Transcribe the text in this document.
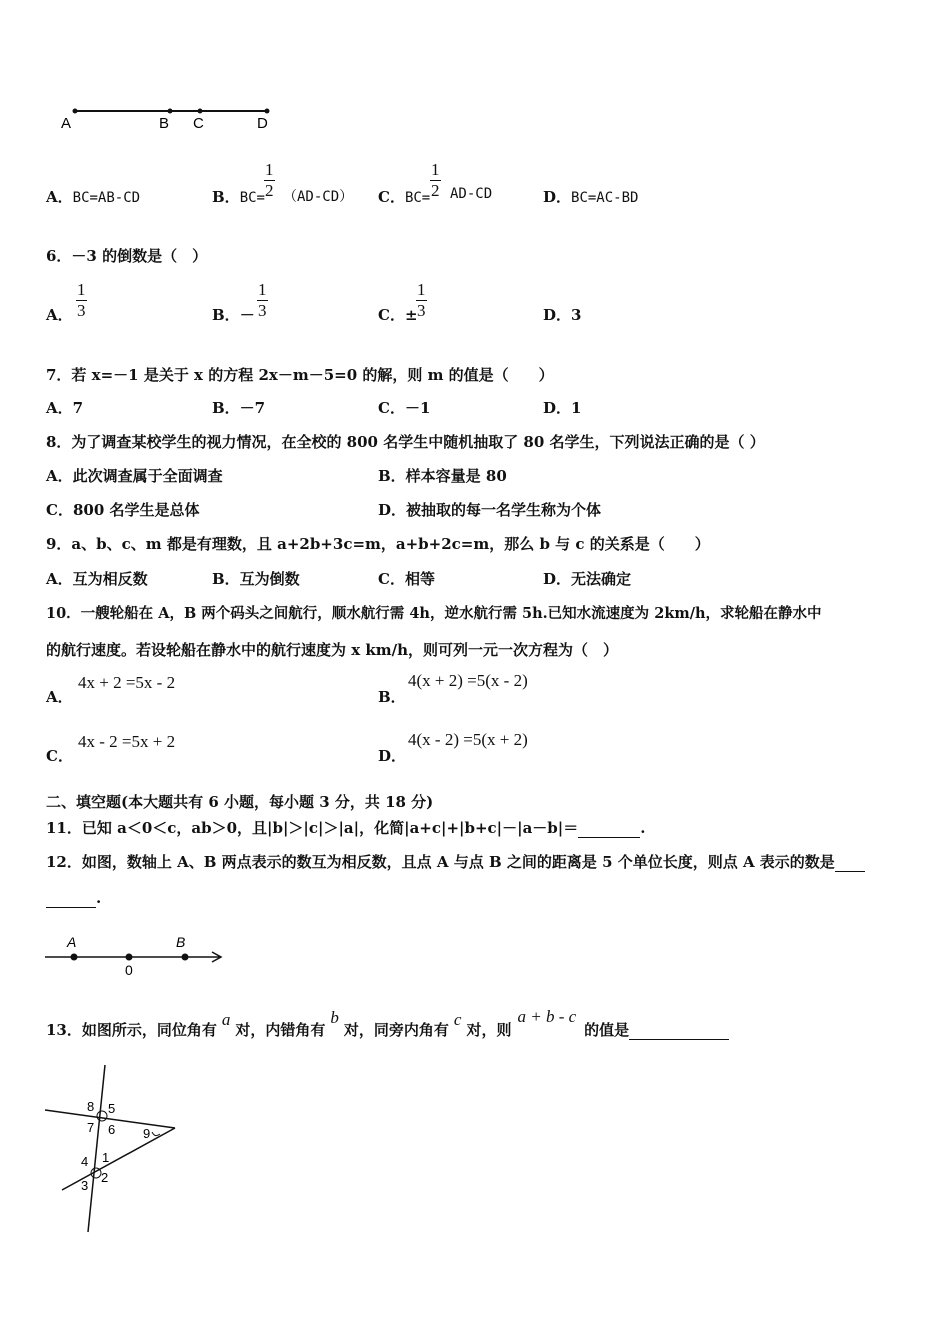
A	B C	D
A．BC=AB-CD	B．$BC= \frac{1}{2} (AD-CD)$ C．$BC= \frac{1}{2} AD-CD$	D．BC=AC-BD
6．－3 的倒数是（　）
A． $\frac{1}{3}$	B．－ $\frac{1}{3}$	C．±
$\frac{1}{3}$	D．3
7．若 x=－1 是关于 x 的方程 2x－m－5=0 的解，则 m 的值是（　　）
A．7	B．－7	C．－1	D．1
8．为了调查某校学生的视力情况，在全校的 800 名学生中随机抽取了 80 名学生，下列说法正确的是（ ）
A．此次调查属于全面调查	B．样本容量是 80
C．800 名学生是总体	D．被抽取的每一名学生称为个体
9．a、b、c、m 都是有理数，且 a+2b+3c=m，a+b+2c=m，那么 b 与 c 的关系是（　　）
A．互为相反数	B．互为倒数	C．相等	D．无法确定
10．一艘轮船在 A，B 两个码头之间航行，顺水航行需 4h，逆水航行需 5h.已知水流速度为 2km/h，求轮船在静水中
的航行速度。若设轮船在静水中的航行速度为 x km/h，则可列一元一次方程为（　）
A．
4x + 2 =5x - 2
B．
4(x + 2) =5(x - 2)
C．
4x - 2 =5x + 2
D．
4(x - 2) =5(x + 2)
二、填空题(本大题共有 6 小题，每小题 3 分，共 18 分)
11．已知 a＜0＜c，ab＞0，且|b|＞|c|＞|a|，化简|a+c|+|b+c|－|a－b|＝	.
12．如图，数轴上 A、B 两点表示的数互为相反数，且点 A 与点 B 之间的距离是 5 个单位长度，则点 A 表示的数是
.
A	B
0
13．如图所示，同位角有a对，内错角有b对，同旁内角有c对，则a + b - c的值是
8 5
7 6 9
4 1
3
2
